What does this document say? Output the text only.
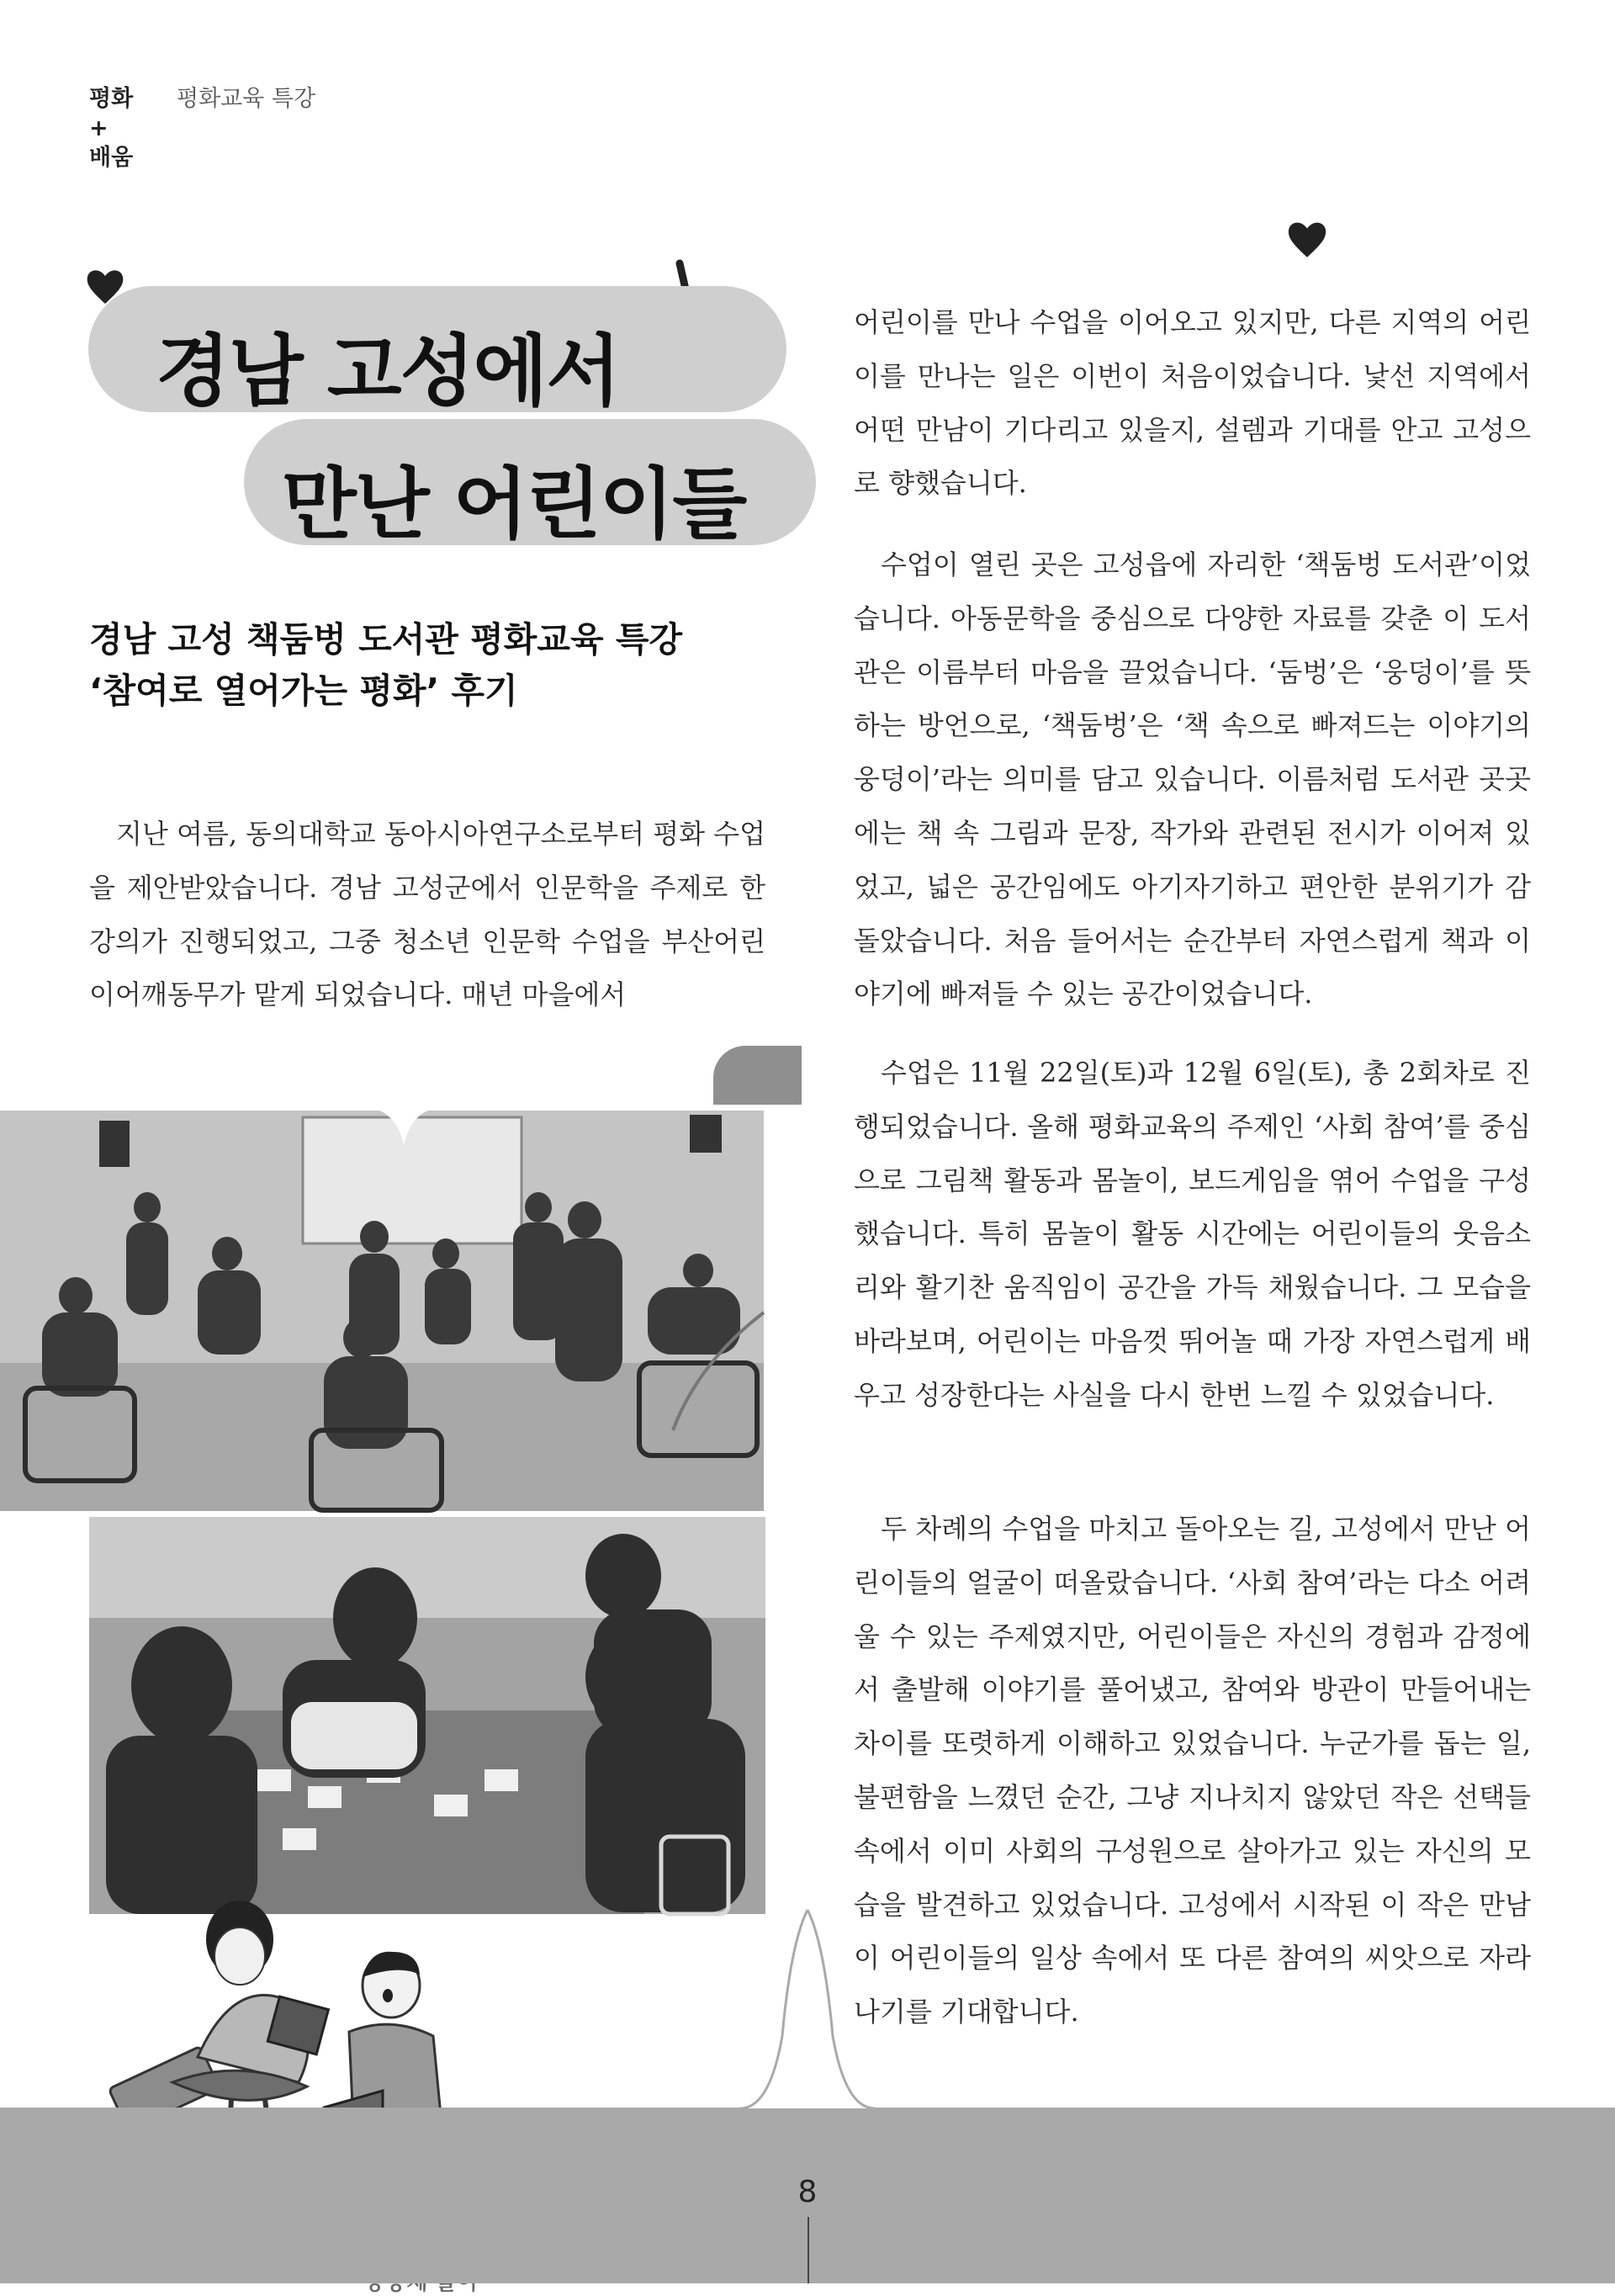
평화
+
배움
평화교육 특강
경남 고성에서
만난 어린이들
경남 고성 책둠벙 도서관 평화교육 특강
‘참여로 열어가는 평화’ 후기
지난 여름, 동의대학교 동아시아연구소로부터 평화 수업을 제안받았습니다. 경남 고성군에서 인문학을 주제로 한 강의가 진행되었고, 그중 청소년 인문학 수업을 부산어린이어깨동무가 맡게 되었습니다. 매년 마을에서
어린이를 만나 수업을 이어오고 있지만, 다른 지역의 어린이를 만나는 일은 이번이 처음이었습니다. 낯선 지역에서 어떤 만남이 기다리고 있을지, 설렘과 기대를 안고 고성으로 향했습니다.
수업이 열린 곳은 고성읍에 자리한 ‘책둠벙 도서관’이었습니다. 아동문학을 중심으로 다양한 자료를 갖춘 이 도서관은 이름부터 마음을 끌었습니다. ‘둠벙’은 ‘웅덩이’를 뜻하는 방언으로, ‘책둠벙’은 ‘책 속으로 빠져드는 이야기의 웅덩이’라는 의미를 담고 있습니다. 이름처럼 도서관 곳곳에는 책 속 그림과 문장, 작가와 관련된 전시가 이어져 있었고, 넓은 공간임에도 아기자기하고 편안한 분위기가 감돌았습니다. 처음 들어서는 순간부터 자연스럽게 책과 이야기에 빠져들 수 있는 공간이었습니다.
수업은 11월 22일(토)과 12월 6일(토), 총 2회차로 진행되었습니다. 올해 평화교육의 주제인 ‘사회 참여’를 중심으로 그림책 활동과 몸놀이, 보드게임을 엮어 수업을 구성했습니다. 특히 몸놀이 활동 시간에는 어린이들의 웃음소리와 활기찬 움직임이 공간을 가득 채웠습니다. 그 모습을 바라보며, 어린이는 마음껏 뛰어놀 때 가장 자연스럽게 배우고 성장한다는 사실을 다시 한번 느낄 수 있었습니다.
두 차례의 수업을 마치고 돌아오는 길, 고성에서 만난 어린이들의 얼굴이 떠올랐습니다. ‘사회 참여’라는 다소 어려울 수 있는 주제였지만, 어린이들은 자신의 경험과 감정에서 출발해 이야기를 풀어냈고, 참여와 방관이 만들어내는 차이를 또렷하게 이해하고 있었습니다. 누군가를 돕는 일, 불편함을 느꼈던 순간, 그냥 지나치지 않았던 작은 선택들 속에서 이미 사회의 구성원으로 살아가고 있는 자신의 모습을 발견하고 있었습니다. 고성에서 시작된 이 작은 만남이 어린이들의 일상 속에서 또 다른 참여의 씨앗으로 자라나기를 기대합니다.
8
